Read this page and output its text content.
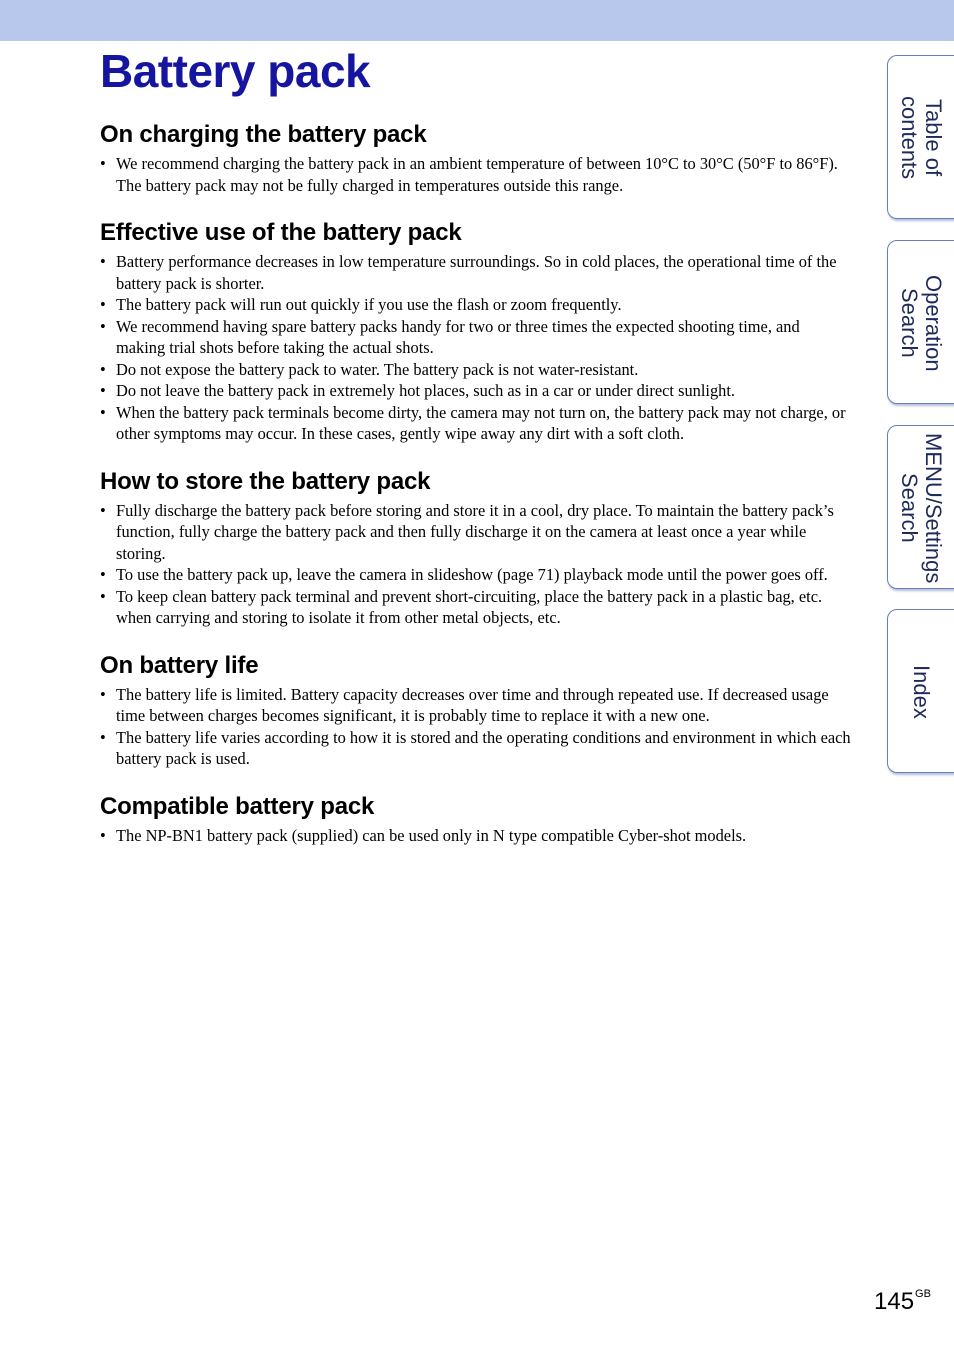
Battery pack
On charging the battery pack
• We recommend charging the battery pack in an ambient temperature of between 10°C to 30°C (50°F to 86°F). The battery pack may not be fully charged in temperatures outside this range.
Effective use of the battery pack
• Battery performance decreases in low temperature surroundings. So in cold places, the operational time of the battery pack is shorter.
• The battery pack will run out quickly if you use the flash or zoom frequently.
• We recommend having spare battery packs handy for two or three times the expected shooting time, and making trial shots before taking the actual shots.
• Do not expose the battery pack to water. The battery pack is not water-resistant.
• Do not leave the battery pack in extremely hot places, such as in a car or under direct sunlight.
• When the battery pack terminals become dirty, the camera may not turn on, the battery pack may not charge, or other symptoms may occur. In these cases, gently wipe away any dirt with a soft cloth.
How to store the battery pack
• Fully discharge the battery pack before storing and store it in a cool, dry place. To maintain the battery pack’s function, fully charge the battery pack and then fully discharge it on the camera at least once a year while storing.
• To use the battery pack up, leave the camera in slideshow (page 71) playback mode until the power goes off.
• To keep clean battery pack terminal and prevent short-circuiting, place the battery pack in a plastic bag, etc. when carrying and storing to isolate it from other metal objects, etc.
On battery life
• The battery life is limited. Battery capacity decreases over time and through repeated use. If decreased usage time between charges becomes significant, it is probably time to replace it with a new one.
• The battery life varies according to how it is stored and the operating conditions and environment in which each battery pack is used.
Compatible battery pack
• The NP-BN1 battery pack (supplied) can be used only in N type compatible Cyber-shot models.
Table of
contents
Operation
Search
MENU/Settings
Search
Index
$145^{GB}$
